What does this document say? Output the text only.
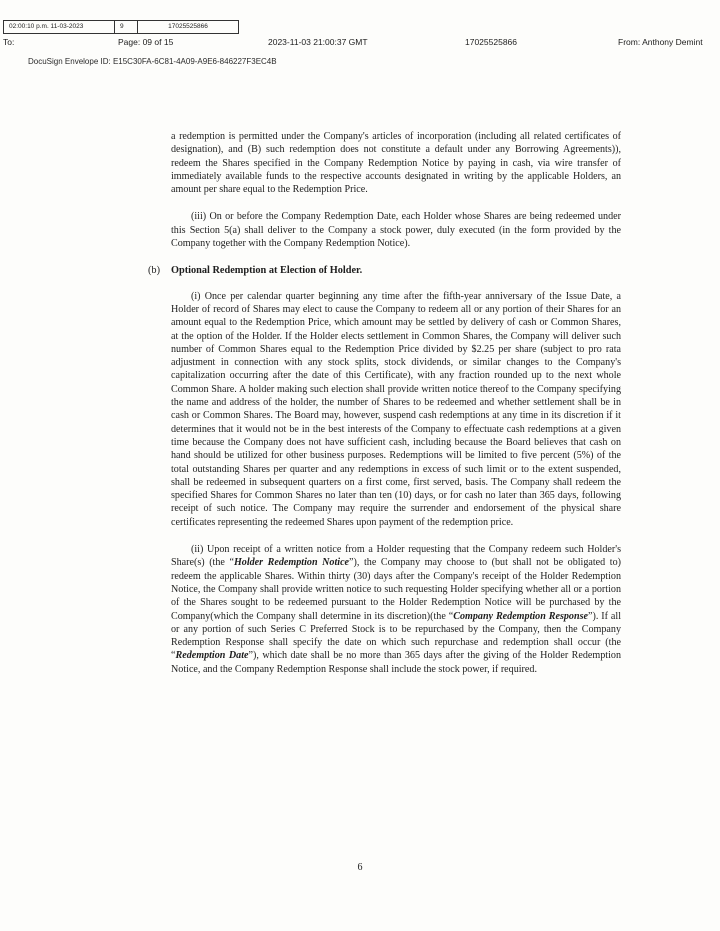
02:00:10 p.m. 11-03-2023	9	17025525866
To:	Page: 09 of 15	2023-11-03 21:00:37 GMT	17025525866	From: Anthony Demint
DocuSign Envelope ID: E15C30FA-6C81-4A09-A9E6-846227F3EC4B

a redemption is permitted under the Company's articles of incorporation (including all related certificates of designation), and (B) such redemption does not constitute a default under any Borrowing Agreements)), redeem the Shares specified in the Company Redemption Notice by paying in cash, via wire transfer of immediately available funds to the respective accounts designated in writing by the applicable Holders, an amount per share equal to the Redemption Price.

(iii) On or before the Company Redemption Date, each Holder whose Shares are being redeemed under this Section 5(a) shall deliver to the Company a stock power, duly executed (in the form provided by the Company together with the Company Redemption Notice).

(b) Optional Redemption at Election of Holder.

(i) Once per calendar quarter beginning any time after the fifth-year anniversary of the Issue Date, a Holder of record of Shares may elect to cause the Company to redeem all or any portion of their Shares for an amount equal to the Redemption Price, which amount may be settled by delivery of cash or Common Shares, at the option of the Holder. If the Holder elects settlement in Common Shares, the Company will deliver such number of Common Shares equal to the Redemption Price divided by $2.25 per share (subject to pro rata adjustment in connection with any stock splits, stock dividends, or similar changes to the Company's capitalization occurring after the date of this Certificate), with any fraction rounded up to the next whole Common Share. A holder making such election shall provide written notice thereof to the Company specifying the name and address of the holder, the number of Shares to be redeemed and whether settlement shall be in cash or Common Shares. The Board may, however, suspend cash redemptions at any time in its discretion if it determines that it would not be in the best interests of the Company to effectuate cash redemptions at a given time because the Company does not have sufficient cash, including because the Board believes that cash on hand should be utilized for other business purposes. Redemptions will be limited to five percent (5%) of the total outstanding Shares per quarter and any redemptions in excess of such limit or to the extent suspended, shall be redeemed in subsequent quarters on a first come, first served, basis. The Company shall redeem the specified Shares for Common Shares no later than ten (10) days, or for cash no later than 365 days, following receipt of such notice. The Company may require the surrender and endorsement of the physical share certificates representing the redeemed Shares upon payment of the redemption price.

(ii) Upon receipt of a written notice from a Holder requesting that the Company redeem such Holder's Share(s) (the “Holder Redemption Notice”), the Company may choose to (but shall not be obligated to) redeem the applicable Shares. Within thirty (30) days after the Company's receipt of the Holder Redemption Notice, the Company shall provide written notice to such requesting Holder specifying whether all or a portion of the Shares sought to be redeemed pursuant to the Holder Redemption Notice will be purchased by the Company(which the Company shall determine in its discretion)(the “Company Redemption Response”). If all or any portion of such Series C Preferred Stock is to be repurchased by the Company, then the Company Redemption Response shall specify the date on which such repurchase and redemption shall occur (the “Redemption Date”), which date shall be no more than 365 days after the giving of the Holder Redemption Notice, and the Company Redemption Response shall include the stock power, if required.

6
